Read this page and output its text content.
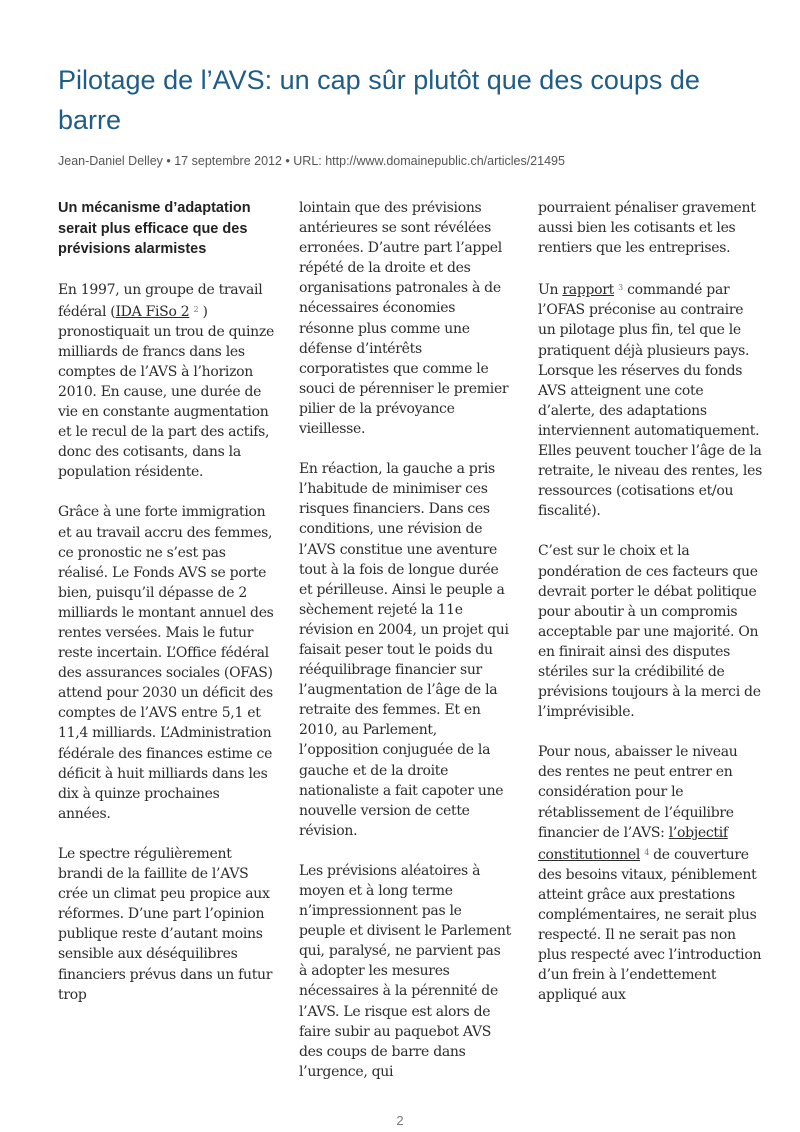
Pilotage de l’AVS: un cap sûr plutôt que des coups de barre
Jean-Daniel Delley • 17 septembre 2012 • URL: http://www.domainepublic.ch/articles/21495
Un mécanisme d’adaptation serait plus efficace que des prévisions alarmistes

En 1997, un groupe de travail fédéral (IDA FiSo 2 $^2$ ) pronostiquait un trou de quinze milliards de francs dans les comptes de l’AVS à l’horizon 2010. En cause, une durée de vie en constante augmentation et le recul de la part des actifs, donc des cotisants, dans la population résidente.

Grâce à une forte immigration et au travail accru des femmes, ce pronostic ne s’est pas réalisé. Le Fonds AVS se porte bien, puisqu’il dépasse de 2 milliards le montant annuel des rentes versées. Mais le futur reste incertain. L’Office fédéral des assurances sociales (OFAS) attend pour 2030 un déficit des comptes de l’AVS entre 5,1 et 11,4 milliards. L’Administration fédérale des finances estime ce déficit à huit milliards dans les dix à quinze prochaines années.

Le spectre régulièrement brandi de la faillite de l’AVS crée un climat peu propice aux réformes. D’une part l’opinion publique reste d’autant moins sensible aux déséquilibres financiers prévus dans un futur trop

lointain que des prévisions antérieures se sont révélées erronées. D’autre part l’appel répété de la droite et des organisations patronales à de nécessaires économies résonne plus comme une défense d’intérêts corporatistes que comme le souci de pérenniser le premier pilier de la prévoyance vieillesse.

En réaction, la gauche a pris l’habitude de minimiser ces risques financiers. Dans ces conditions, une révision de l’AVS constitue une aventure tout à la fois de longue durée et périlleuse. Ainsi le peuple a sèchement rejeté la 11e révision en 2004, un projet qui faisait peser tout le poids du rééquilibrage financier sur l’augmentation de l’âge de la retraite des femmes. Et en 2010, au Parlement, l’opposition conjuguée de la gauche et de la droite nationaliste a fait capoter une nouvelle version de cette révision.

Les prévisions aléatoires à moyen et à long terme n’impressionnent pas le peuple et divisent le Parlement qui, paralysé, ne parvient pas à adopter les mesures nécessaires à la pérennité de l’AVS. Le risque est alors de faire subir au paquebot AVS des coups de barre dans l’urgence, qui

pourraient pénaliser gravement aussi bien les cotisants et les rentiers que les entreprises.

Un rapport $^3$ commandé par l’OFAS préconise au contraire un pilotage plus fin, tel que le pratiquent déjà plusieurs pays. Lorsque les réserves du fonds AVS atteignent une cote d’alerte, des adaptations interviennent automatiquement. Elles peuvent toucher l’âge de la retraite, le niveau des rentes, les ressources (cotisations et/ou fiscalité).

C’est sur le choix et la pondération de ces facteurs que devrait porter le débat politique pour aboutir à un compromis acceptable par une majorité. On en finirait ainsi des disputes stériles sur la crédibilité de prévisions toujours à la merci de l’imprévisible.

Pour nous, abaisser le niveau des rentes ne peut entrer en considération pour le rétablissement de l’équilibre financier de l’AVS: l’objectif constitutionnel $^4$ de couverture des besoins vitaux, péniblement atteint grâce aux prestations complémentaires, ne serait plus respecté. Il ne serait pas non plus respecté avec l’introduction d’un frein à l’endettement appliqué aux

2
